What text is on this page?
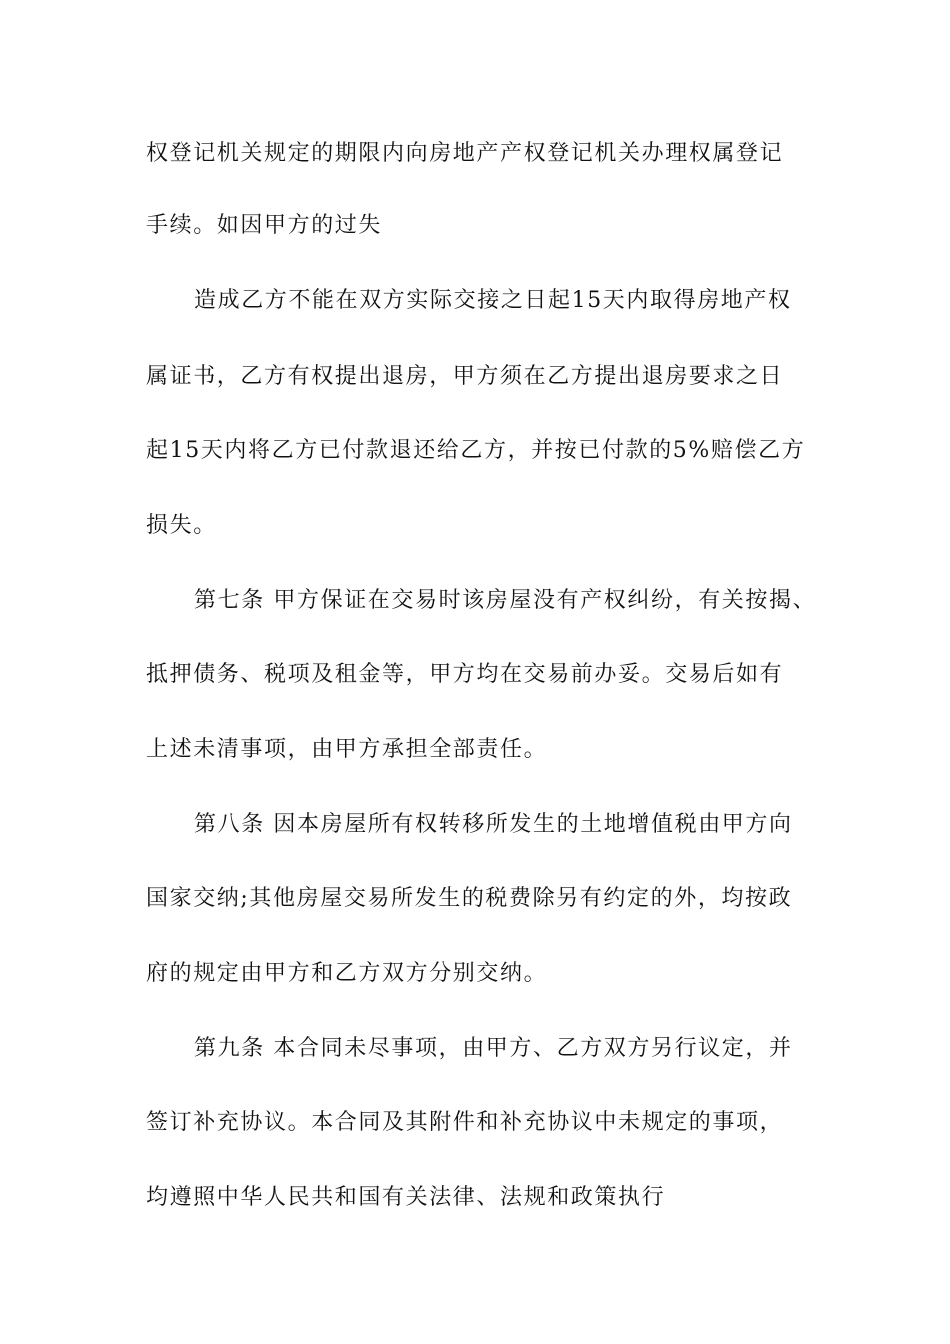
权登记机关规定的期限内向房地产产权登记机关办理权属登记
手续。如因甲方的过失
造成乙方不能在双方实际交接之日起15天内取得房地产权
属证书，乙方有权提出退房，甲方须在乙方提出退房要求之日
起15天内将乙方已付款退还给乙方，并按已付款的5%赔偿乙方
损失。
第七条 甲方保证在交易时该房屋没有产权纠纷，有关按揭、
抵押债务、税项及租金等，甲方均在交易前办妥。交易后如有
上述未清事项，由甲方承担全部责任。
第八条 因本房屋所有权转移所发生的土地增值税由甲方向
国家交纳;其他房屋交易所发生的税费除另有约定的外，均按政
府的规定由甲方和乙方双方分别交纳。
第九条 本合同未尽事项，由甲方、乙方双方另行议定，并
签订补充协议。本合同及其附件和补充协议中未规定的事项，
均遵照中华人民共和国有关法律、法规和政策执行
